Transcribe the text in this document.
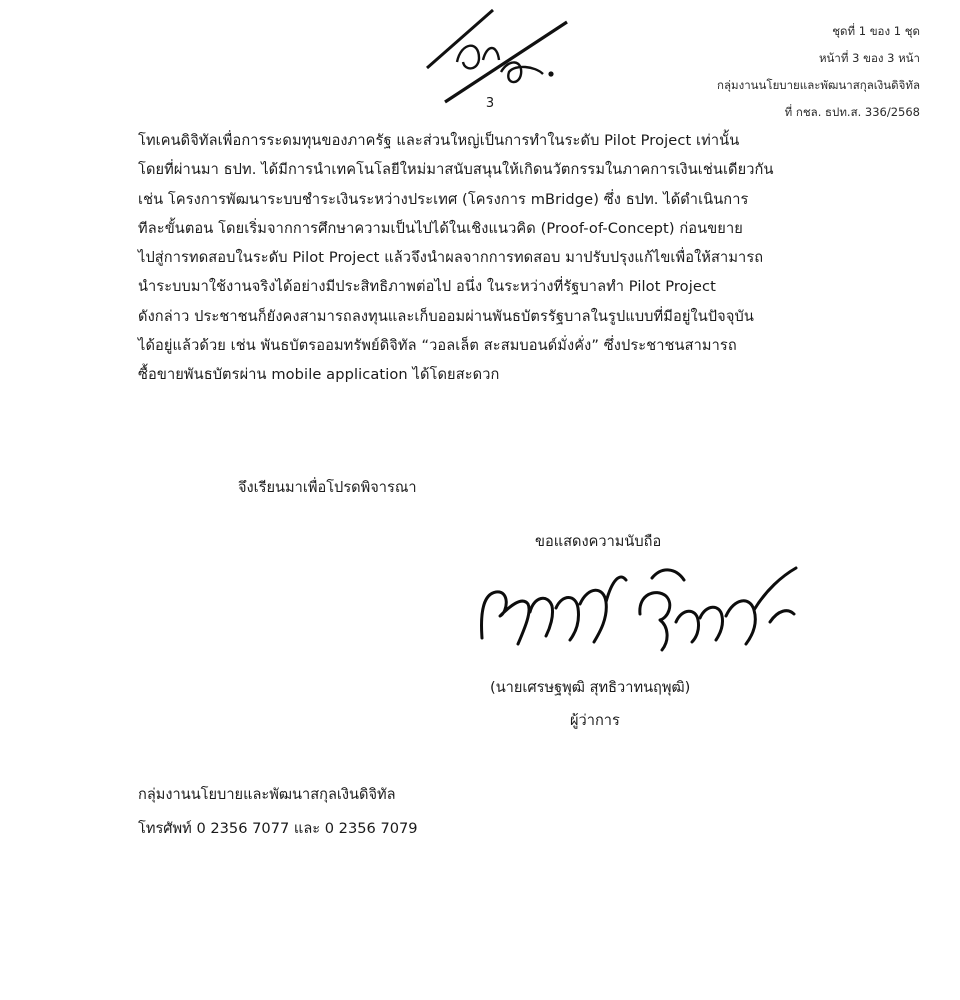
ชุดที่ 1 ของ 1 ชุด
หน้าที่ 3 ของ 3 หน้า
กลุ่มงานนโยบายและพัฒนาสกุลเงินดิจิทัล
ที่ กชล. ธปท.ส. 336/2568
3
โทเคนดิจิทัลเพื่อการระดมทุนของภาครัฐ และส่วนใหญ่เป็นการทำในระดับ Pilot Project เท่านั้น
โดยที่ผ่านมา ธปท. ได้มีการนำเทคโนโลยีใหม่มาสนับสนุนให้เกิดนวัตกรรมในภาคการเงินเช่นเดียวกัน
เช่น โครงการพัฒนาระบบชำระเงินระหว่างประเทศ (โครงการ mBridge) ซึ่ง ธปท. ได้ดำเนินการ
ทีละขั้นตอน โดยเริ่มจากการศึกษาความเป็นไปได้ในเชิงแนวคิด (Proof-of-Concept) ก่อนขยาย
ไปสู่การทดสอบในระดับ Pilot Project แล้วจึงนำผลจากการทดสอบ มาปรับปรุงแก้ไขเพื่อให้สามารถ
นำระบบมาใช้งานจริงได้อย่างมีประสิทธิภาพต่อไป อนึ่ง ในระหว่างที่รัฐบาลทำ Pilot Project
ดังกล่าว ประชาชนก็ยังคงสามารถลงทุนและเก็บออมผ่านพันธบัตรรัฐบาลในรูปแบบที่มีอยู่ในปัจจุบัน
ได้อยู่แล้วด้วย เช่น พันธบัตรออมทรัพย์ดิจิทัล “วอลเล็ต สะสมบอนด์มั่งคั่ง” ซึ่งประชาชนสามารถ
ซื้อขายพันธบัตรผ่าน mobile application ได้โดยสะดวก
จึงเรียนมาเพื่อโปรดพิจารณา
ขอแสดงความนับถือ
(นายเศรษฐพุฒิ สุทธิวาทนฤพุฒิ)
ผู้ว่าการ
กลุ่มงานนโยบายและพัฒนาสกุลเงินดิจิทัล
โทรศัพท์ 0 2356 7077 และ 0 2356 7079
